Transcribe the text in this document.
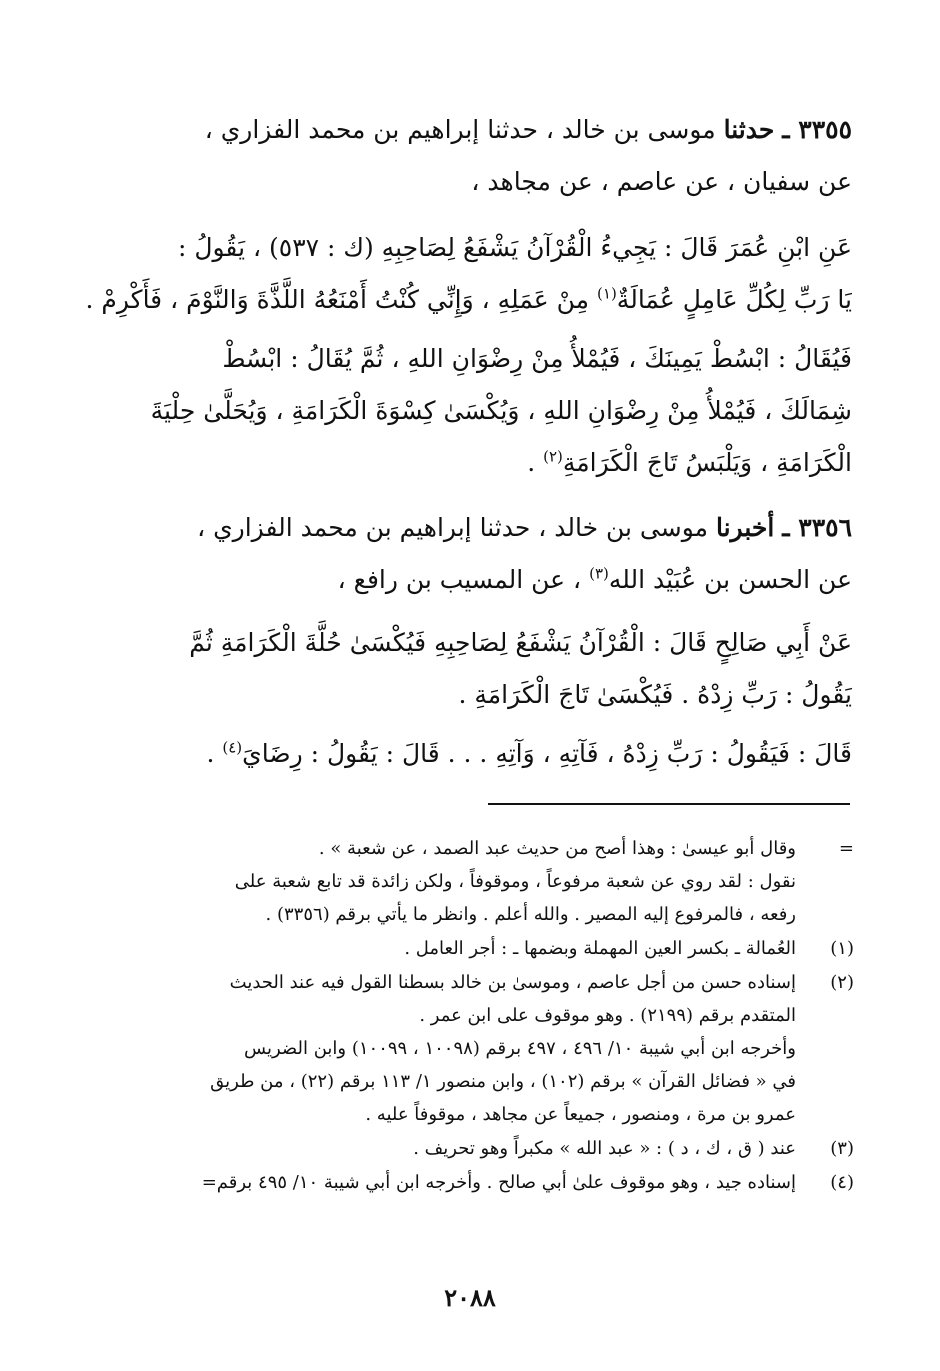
٣٣٥٥ ـ حدثنا موسى بن خالد ، حدثنا إبراهيم بن محمد الفزاري ،
عن سفيان ، عن عاصم ، عن مجاهد ،
عَنِ ابْنِ عُمَرَ قَالَ : يَجِيءُ الْقُرْآنُ يَشْفَعُ لِصَاحِبِهِ (ك : ٥٣٧) ، يَقُولُ :
يَا رَبِّ لِكُلِّ عَامِلٍ عُمَالَةٌ$^{(١)}$ مِنْ عَمَلِهِ ، وَإِنِّي كُنْتُ أَمْنَعُهُ اللَّذَّةَ وَالنَّوْمَ ، فَأَكْرِمْ .
فَيُقَالُ : ابْسُطْ يَمِينَكَ ، فَيُمْلأُ مِنْ رِضْوَانِ اللهِ ، ثُمَّ يُقَالُ : ابْسُطْ
شِمَالَكَ ، فَيُمْلأُ مِنْ رِضْوَانِ اللهِ ، وَيُكْسَىٰ كِسْوَةَ الْكَرَامَةِ ، وَيُحَلَّىٰ حِلْيَةَ
الْكَرَامَةِ ، وَيَلْبَسُ تَاجَ الْكَرَامَةِ$^{(٢)}$ .
٣٣٥٦ ـ أخبرنا موسى بن خالد ، حدثنا إبراهيم بن محمد الفزاري ،
عن الحسن بن عُبَيْد الله$^{(٣)}$ ، عن المسيب بن رافع ،
عَنْ أَبِي صَالِحٍ قَالَ : الْقُرْآنُ يَشْفَعُ لِصَاحِبِهِ فَيُكْسَىٰ حُلَّةَ الْكَرَامَةِ ثُمَّ
يَقُولُ : رَبِّ زِدْهُ . فَيُكْسَىٰ تَاجَ الْكَرَامَةِ .
قَالَ : فَيَقُولُ : رَبِّ زِدْهُ ، فَآتِهِ ، وَآتِهِ . . . قَالَ : يَقُولُ : رِضَايَ$^{(٤)}$ .
=
وقال أبو عيسىٰ : وهذا أصح من حديث عبد الصمد ، عن شعبة » .
نقول : لقد روي عن شعبة مرفوعاً ، وموقوفاً ، ولكن زائدة قد تابع شعبة على
رفعه ، فالمرفوع إليه المصير . والله أعلم . وانظر ما يأتي برقم (٣٣٥٦) .
(١)
العُمالة ـ بكسر العين المهملة وبضمها ـ : أجر العامل .
(٢)
إسناده حسن من أجل عاصم ، وموسىٰ بن خالد بسطنا القول فيه عند الحديث
المتقدم برقم (٢١٩٩) . وهو موقوف على ابن عمر .
وأخرجه ابن أبي شيبة ١٠/ ٤٩٦ ، ٤٩٧ برقم (١٠٠٩٨ ، ١٠٠٩٩) وابن الضريس
في « فضائل القرآن » برقم (١٠٢) ، وابن منصور ١/ ١١٣ برقم (٢٢) ، من طريق
عمرو بن مرة ، ومنصور ، جميعاً عن مجاهد ، موقوفاً عليه .
(٣)
عند ( ق ، ك ، د ) : « عبد الله » مكبراً وهو تحريف .
(٤)
إسناده جيد ، وهو موقوف علىٰ أبي صالح . وأخرجه ابن أبي شيبة ١٠/ ٤٩٥ برقم=
٢٠٨٨
